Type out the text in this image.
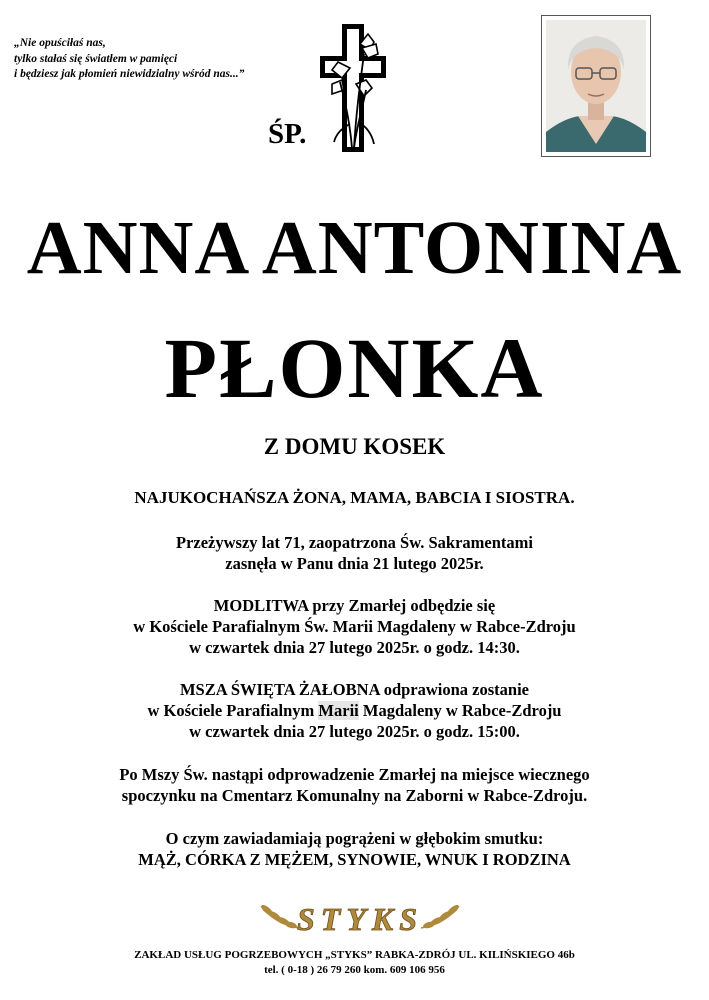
„Nie opuściłaś nas,
tylko stałaś się światłem w pamięci
i będziesz jak płomień niewidzialny wśród nas...”
ŚP.
ANNA ANTONINA
PŁONKA
Z DOMU KOSEK
NAJUKOCHAŃSZA ŻONA, MAMA, BABCIA I SIOSTRA.
Przeżywszy lat 71, zaopatrzona Św. Sakramentami
zasnęła w Panu dnia 21 lutego 2025r.
MODLITWA przy Zmarłej odbędzie się
w Kościele Parafialnym Św. Marii Magdaleny w Rabce-Zdroju
w czwartek dnia 27 lutego 2025r. o godz. 14:30.
MSZA ŚWIĘTA ŻAŁOBNA odprawiona zostanie
w Kościele Parafialnym Marii Magdaleny w Rabce-Zdroju
w czwartek dnia 27 lutego 2025r. o godz. 15:00.
Po Mszy Św. nastąpi odprowadzenie Zmarłej na miejsce wiecznego
spoczynku na Cmentarz Komunalny na Zaborni w Rabce-Zdroju.
O czym zawiadamiają pogrążeni w głębokim smutku:
MĄŻ, CÓRKA Z MĘŻEM, SYNOWIE, WNUK I RODZINA
STYKS
ZAKŁAD USŁUG POGRZEBOWYCH „STYKS” RABKA-ZDRÓJ UL. KILIŃSKIEGO 46b
tel. ( 0-18 ) 26 79 260 kom. 609 106 956
